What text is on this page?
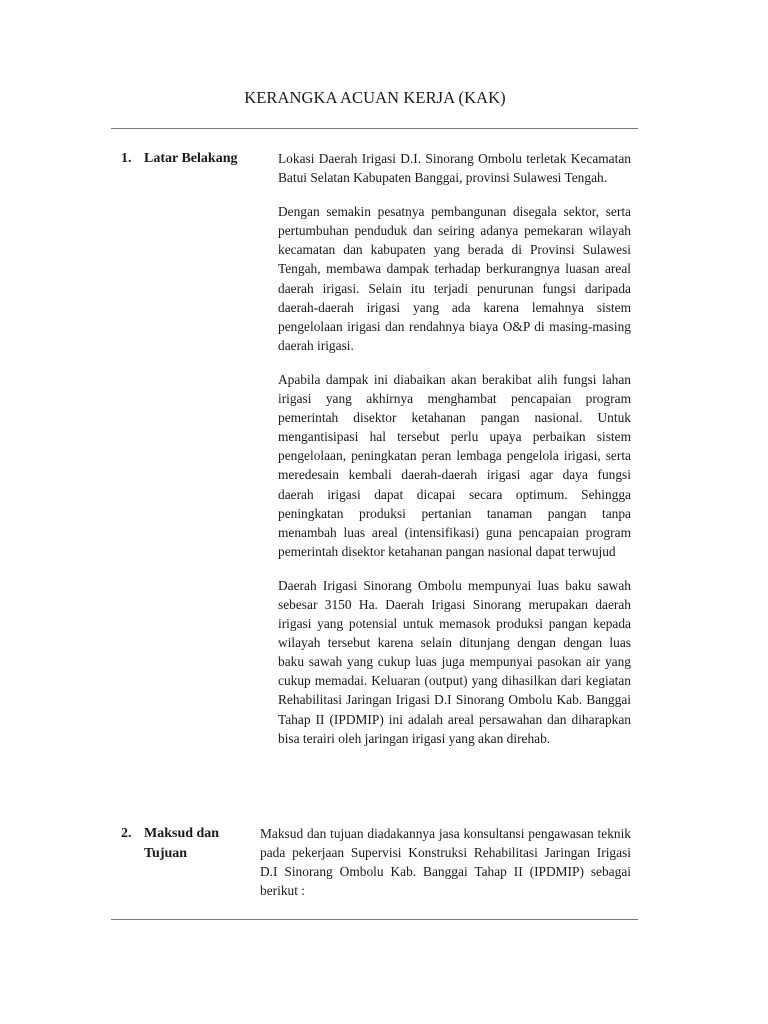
KERANGKA ACUAN KERJA (KAK)
1. Latar Belakang	Lokasi Daerah Irigasi D.I. Sinorang Ombolu terletak Kecamatan Batui Selatan Kabupaten Banggai, provinsi Sulawesi Tengah.

Dengan semakin pesatnya pembangunan disegala sektor, serta pertumbuhan penduduk dan seiring adanya pemekaran wilayah kecamatan dan kabupaten yang berada di Provinsi Sulawesi Tengah, membawa dampak terhadap berkurangnya luasan areal daerah irigasi. Selain itu terjadi penurunan fungsi daripada daerah-daerah irigasi yang ada karena lemahnya sistem pengelolaan irigasi dan rendahnya biaya O&P di masing-masing daerah irigasi.

Apabila dampak ini diabaikan akan berakibat alih fungsi lahan irigasi yang akhirnya menghambat pencapaian program pemerintah disektor ketahanan pangan nasional. Untuk mengantisipasi hal tersebut perlu upaya perbaikan sistem pengelolaan, peningkatan peran lembaga pengelola irigasi, serta meredesain kembali daerah-daerah irigasi agar daya fungsi daerah irigasi dapat dicapai secara optimum. Sehingga peningkatan produksi pertanian tanaman pangan tanpa menambah luas areal (intensifikasi) guna pencapaian program pemerintah disektor ketahanan pangan nasional dapat terwujud

Daerah Irigasi Sinorang Ombolu mempunyai luas baku sawah sebesar 3150 Ha. Daerah Irigasi Sinorang merupakan daerah irigasi yang potensial untuk memasok produksi pangan kepada wilayah tersebut karena selain ditunjang dengan dengan luas baku sawah yang cukup luas juga mempunyai pasokan air yang cukup memadai. Keluaran (output) yang dihasilkan dari kegiatan Rehabilitasi Jaringan Irigasi D.I Sinorang Ombolu Kab. Banggai Tahap II (IPDMIP) ini adalah areal persawahan dan diharapkan bisa terairi oleh jaringan irigasi yang akan direhab.

2. Maksud dan
Tujuan

Maksud dan tujuan diadakannya jasa konsultansi pengawasan teknik pada pekerjaan Supervisi Konstruksi Rehabilitasi Jaringan Irigasi D.I Sinorang Ombolu Kab. Banggai Tahap II (IPDMIP) sebagai berikut :
